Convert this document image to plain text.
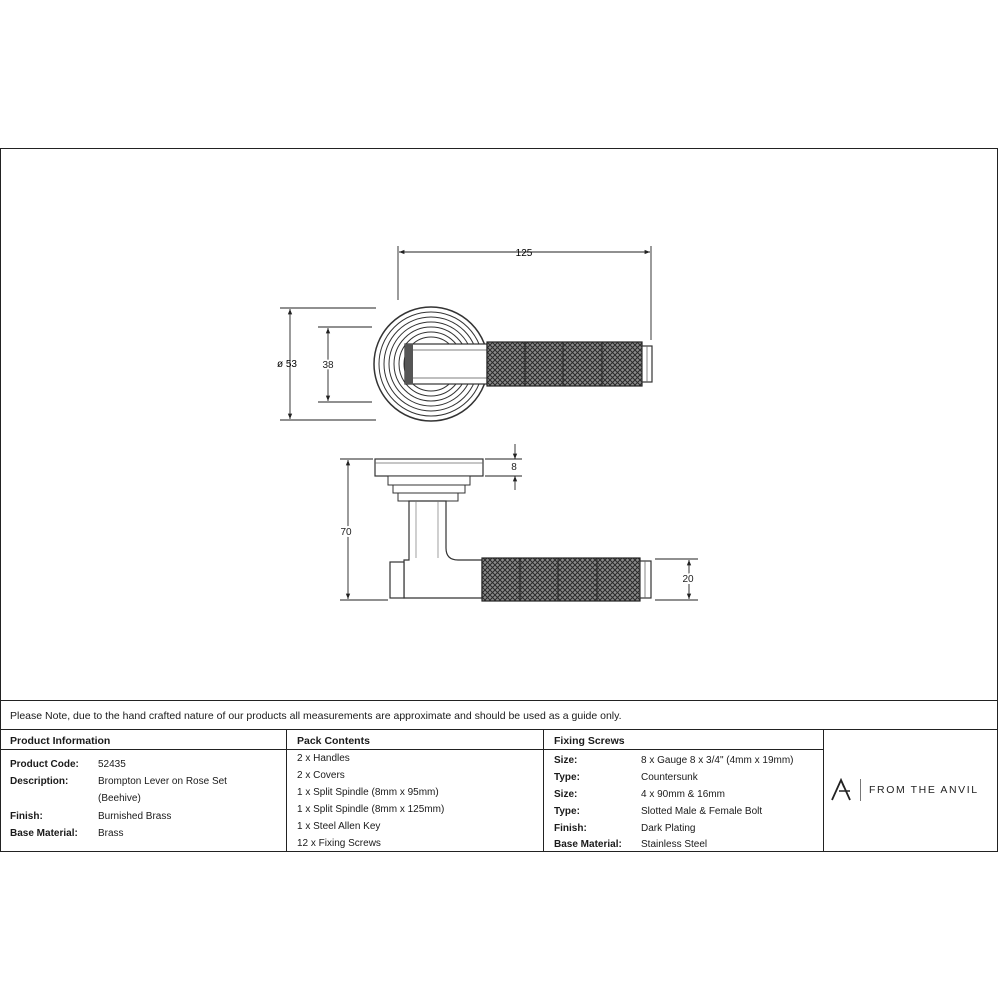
125
ø 53	38
8
70
20
Please Note, due to the hand crafted nature of our products all measurements are approximate and should be used as a guide only.
Product Information	Pack Contents	Fixing Screws
Product Code: 52435
Description:	Brompton Lever on Rose Set
(Beehive)
Finish:	Burnished Brass
Base Material: Brass
2 x Handles
2 x Covers
1 x Split Spindle (8mm x 95mm)
1 x Split Spindle (8mm x 125mm)
1 x Steel Allen Key
12 x Fixing Screws
Size:	8 x Gauge 8 x 3/4" (4mm x 19mm)
Type:	Countersunk
Size:	4 x 90mm & 16mm
Type:	Slotted Male & Female Bolt
Finish:	Dark Plating
Base Material: Stainless Steel
FROM THE ANVIL
